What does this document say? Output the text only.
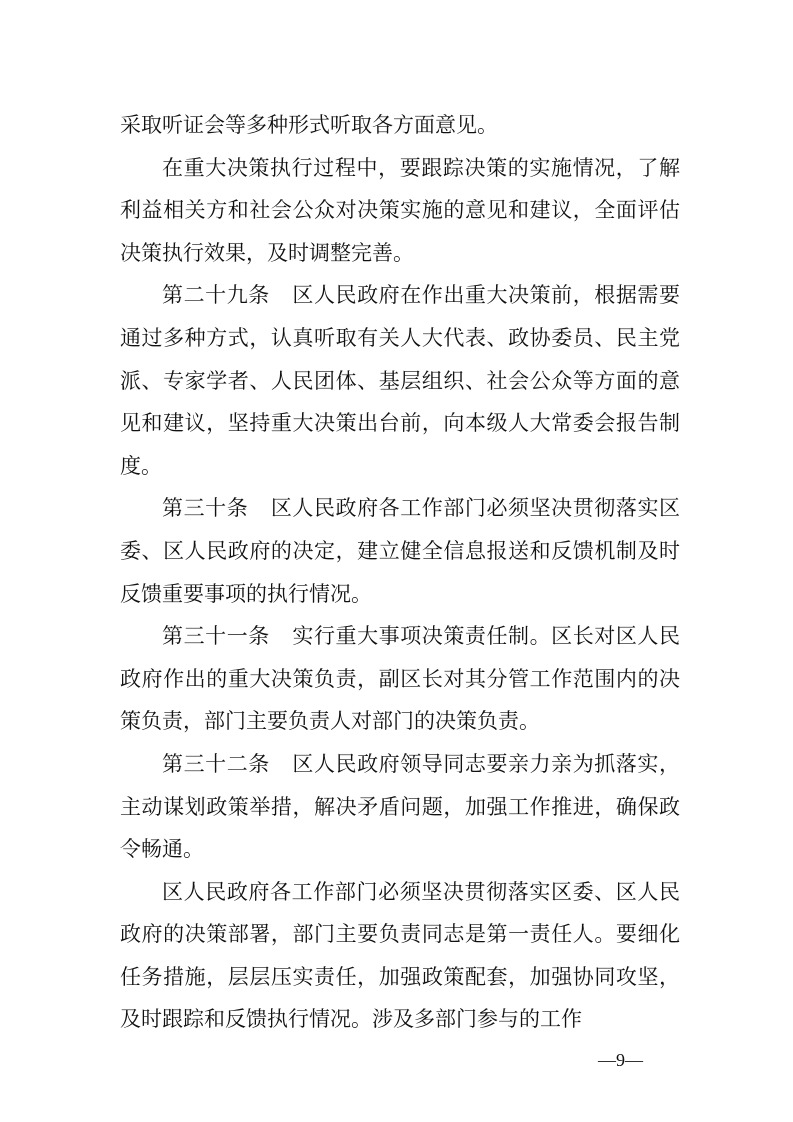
采取听证会等多种形式听取各方面意见。

在重大决策执行过程中，要跟踪决策的实施情况，了解利益相关方和社会公众对决策实施的意见和建议，全面评估决策执行效果，及时调整完善。

第二十九条 区人民政府在作出重大决策前，根据需要通过多种方式，认真听取有关人大代表、政协委员、民主党派、专家学者、人民团体、基层组织、社会公众等方面的意见和建议，坚持重大决策出台前，向本级人大常委会报告制度。

第三十条 区人民政府各工作部门必须坚决贯彻落实区委、区人民政府的决定，建立健全信息报送和反馈机制及时反馈重要事项的执行情况。

第三十一条 实行重大事项决策责任制。区长对区人民政府作出的重大决策负责，副区长对其分管工作范围内的决策负责，部门主要负责人对部门的决策负责。

第三十二条 区人民政府领导同志要亲力亲为抓落实，主动谋划政策举措，解决矛盾问题，加强工作推进，确保政令畅通。

区人民政府各工作部门必须坚决贯彻落实区委、区人民政府的决策部署，部门主要负责同志是第一责任人。要细化任务措施，层层压实责任，加强政策配套，加强协同攻坚，及时跟踪和反馈执行情况。涉及多部门参与的工作

—9—
